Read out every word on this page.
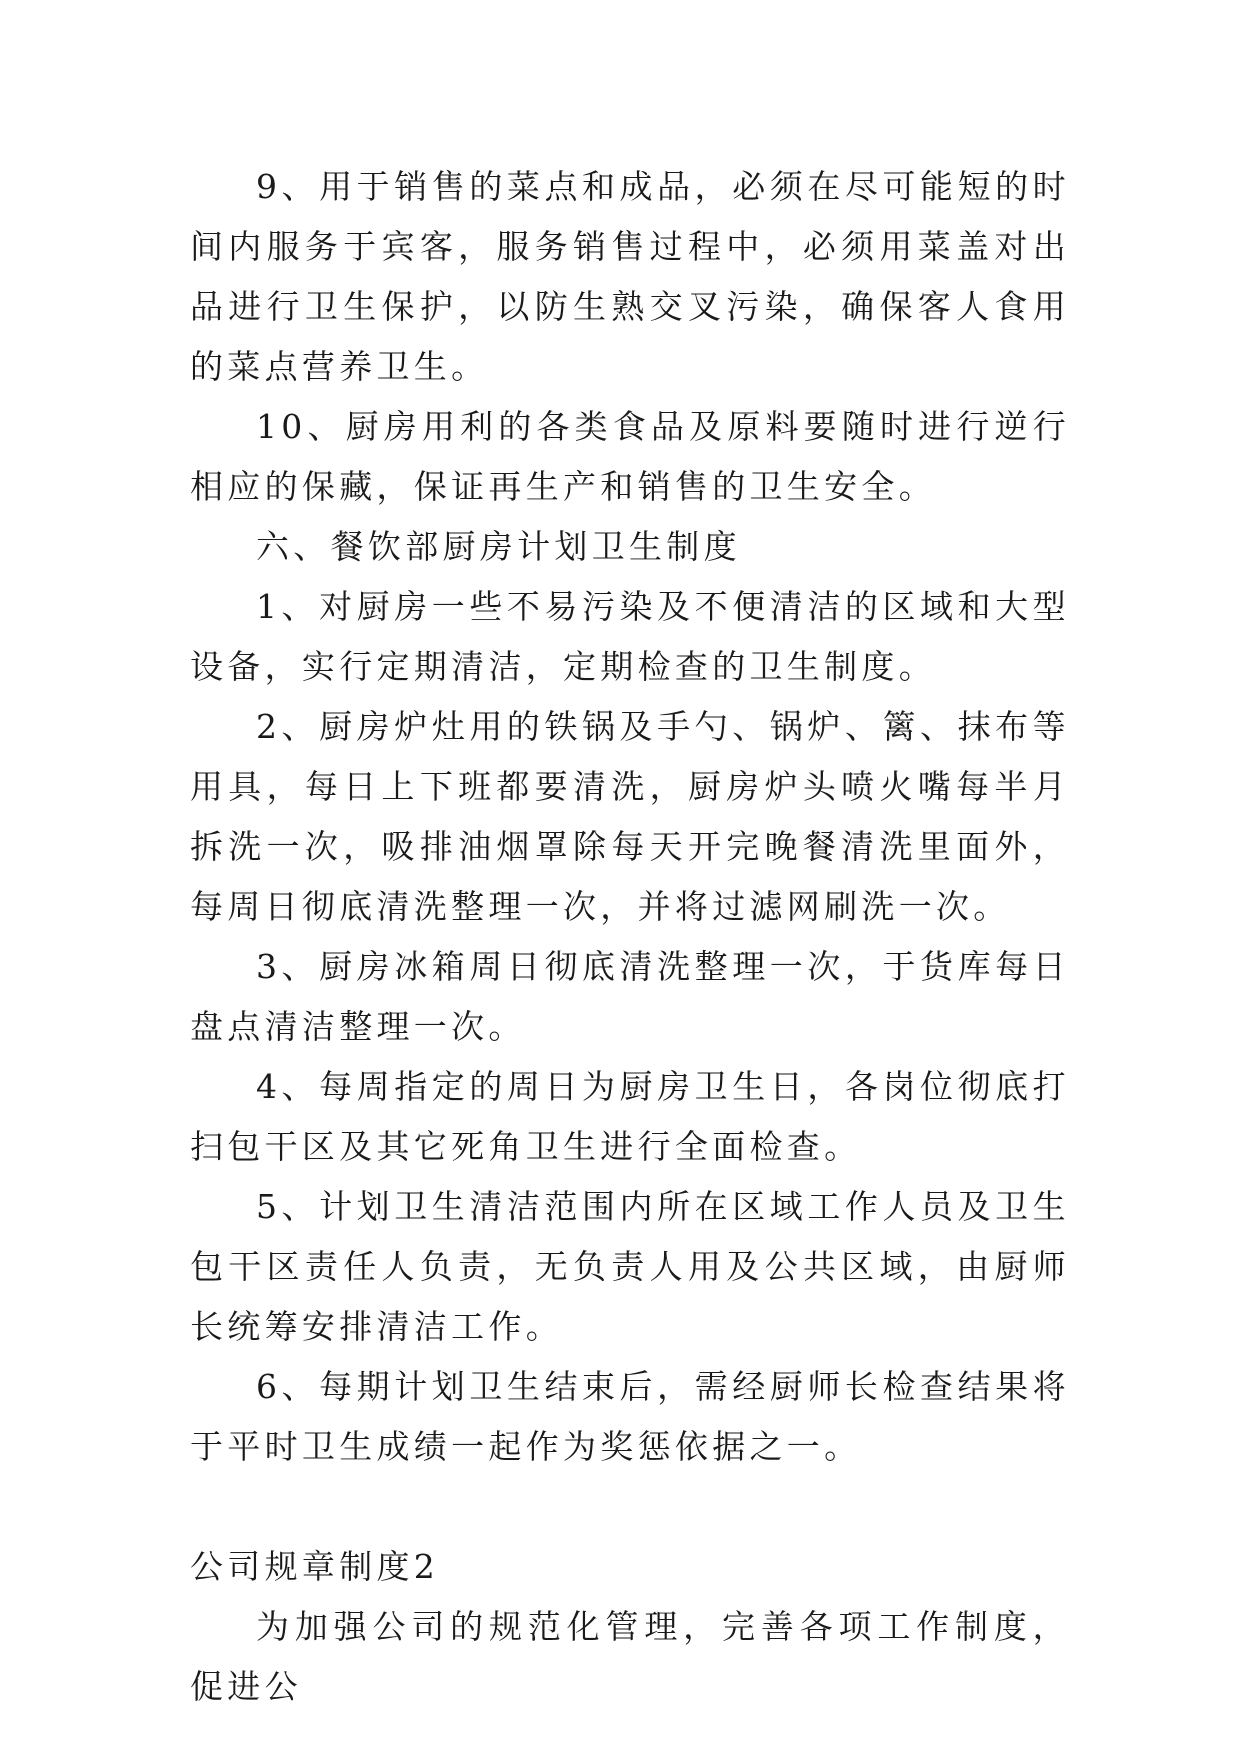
9、用于销售的菜点和成品，必须在尽可能短的时间内服务于宾客，服务销售过程中，必须用菜盖对出品进行卫生保护，以防生熟交叉污染，确保客人食用的菜点营养卫生。

10、厨房用利的各类食品及原料要随时进行逆行相应的保藏，保证再生产和销售的卫生安全。

六、餐饮部厨房计划卫生制度

1、对厨房一些不易污染及不便清洁的区域和大型设备，实行定期清洁，定期检查的卫生制度。

2、厨房炉灶用的铁锅及手勺、锅炉、篱、抹布等用具，每日上下班都要清洗，厨房炉头喷火嘴每半月拆洗一次，吸排油烟罩除每天开完晚餐清洗里面外，每周日彻底清洗整理一次，并将过滤网刷洗一次。

3、厨房冰箱周日彻底清洗整理一次，于货库每日盘点清洁整理一次。

4、每周指定的周日为厨房卫生日，各岗位彻底打扫包干区及其它死角卫生进行全面检查。

5、计划卫生清洁范围内所在区域工作人员及卫生包干区责任人负责，无负责人用及公共区域，由厨师长统筹安排清洁工作。

6、每期计划卫生结束后，需经厨师长检查结果将于平时卫生成绩一起作为奖惩依据之一。

公司规章制度2

为加强公司的规范化管理，完善各项工作制度，促进公
